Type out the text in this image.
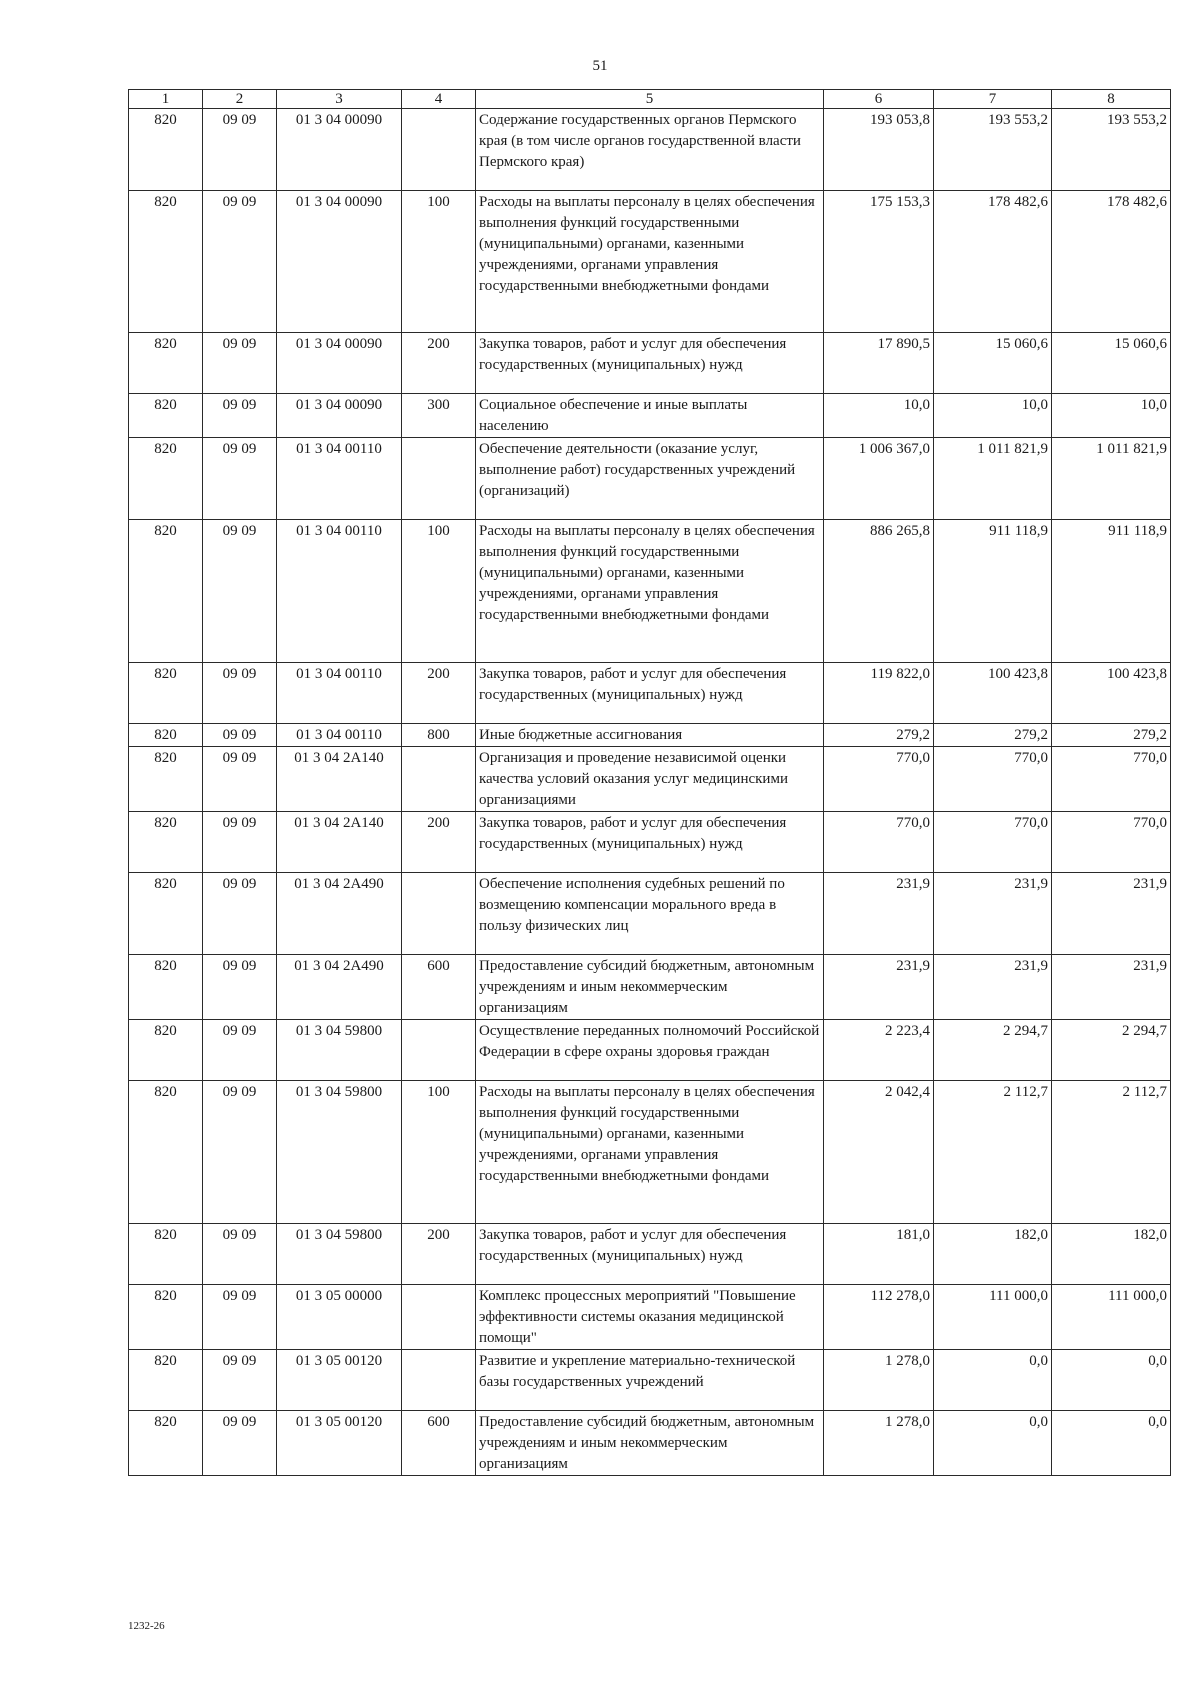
51
1	2	3	4	5	6	7	8
820	09 09	01 3 04 00090		Содержание государственных органов Пермского края (в том числе органов государственной власти Пермского края)	193 053,8	193 553,2	193 553,2
820	09 09	01 3 04 00090	100	Расходы на выплаты персоналу в целях обеспечения выполнения функций государственными (муниципальными) органами, казенными учреждениями, органами управления государственными внебюджетными фондами	175 153,3	178 482,6	178 482,6
820	09 09	01 3 04 00090	200	Закупка товаров, работ и услуг для обеспечения государственных (муниципальных) нужд	17 890,5	15 060,6	15 060,6
820	09 09	01 3 04 00090	300	Социальное обеспечение и иные выплаты населению	10,0	10,0	10,0
820	09 09	01 3 04 00110		Обеспечение деятельности (оказание услуг, выполнение работ) государственных учреждений (организаций)	1 006 367,0	1 011 821,9	1 011 821,9
820	09 09	01 3 04 00110	100	Расходы на выплаты персоналу в целях обеспечения выполнения функций государственными (муниципальными) органами, казенными учреждениями, органами управления государственными внебюджетными фондами	886 265,8	911 118,9	911 118,9
820	09 09	01 3 04 00110	200	Закупка товаров, работ и услуг для обеспечения государственных (муниципальных) нужд	119 822,0	100 423,8	100 423,8
820	09 09	01 3 04 00110	800	Иные бюджетные ассигнования	279,2	279,2	279,2
820	09 09	01 3 04 2А140		Организация и проведение независимой оценки качества условий оказания услуг медицинскими организациями	770,0	770,0	770,0
820	09 09	01 3 04 2А140	200	Закупка товаров, работ и услуг для обеспечения государственных (муниципальных) нужд	770,0	770,0	770,0
820	09 09	01 3 04 2А490		Обеспечение исполнения судебных решений по возмещению компенсации морального вреда в пользу физических лиц	231,9	231,9	231,9
820	09 09	01 3 04 2А490	600	Предоставление субсидий бюджетным, автономным учреждениям и иным некоммерческим организациям	231,9	231,9	231,9
820	09 09	01 3 04 59800		Осуществление переданных полномочий Российской Федерации в сфере охраны здоровья граждан	2 223,4	2 294,7	2 294,7
820	09 09	01 3 04 59800	100	Расходы на выплаты персоналу в целях обеспечения выполнения функций государственными (муниципальными) органами, казенными учреждениями, органами управления государственными внебюджетными фондами	2 042,4	2 112,7	2 112,7
820	09 09	01 3 04 59800	200	Закупка товаров, работ и услуг для обеспечения государственных (муниципальных) нужд	181,0	182,0	182,0
820	09 09	01 3 05 00000		Комплекс процессных мероприятий "Повышение эффективности системы оказания медицинской помощи"	112 278,0	111 000,0	111 000,0
820	09 09	01 3 05 00120		Развитие и укрепление материально-технической базы государственных учреждений	1 278,0	0,0	0,0
820	09 09	01 3 05 00120	600	Предоставление субсидий бюджетным, автономным учреждениям и иным некоммерческим организациям	1 278,0	0,0	0,0
1232-26
